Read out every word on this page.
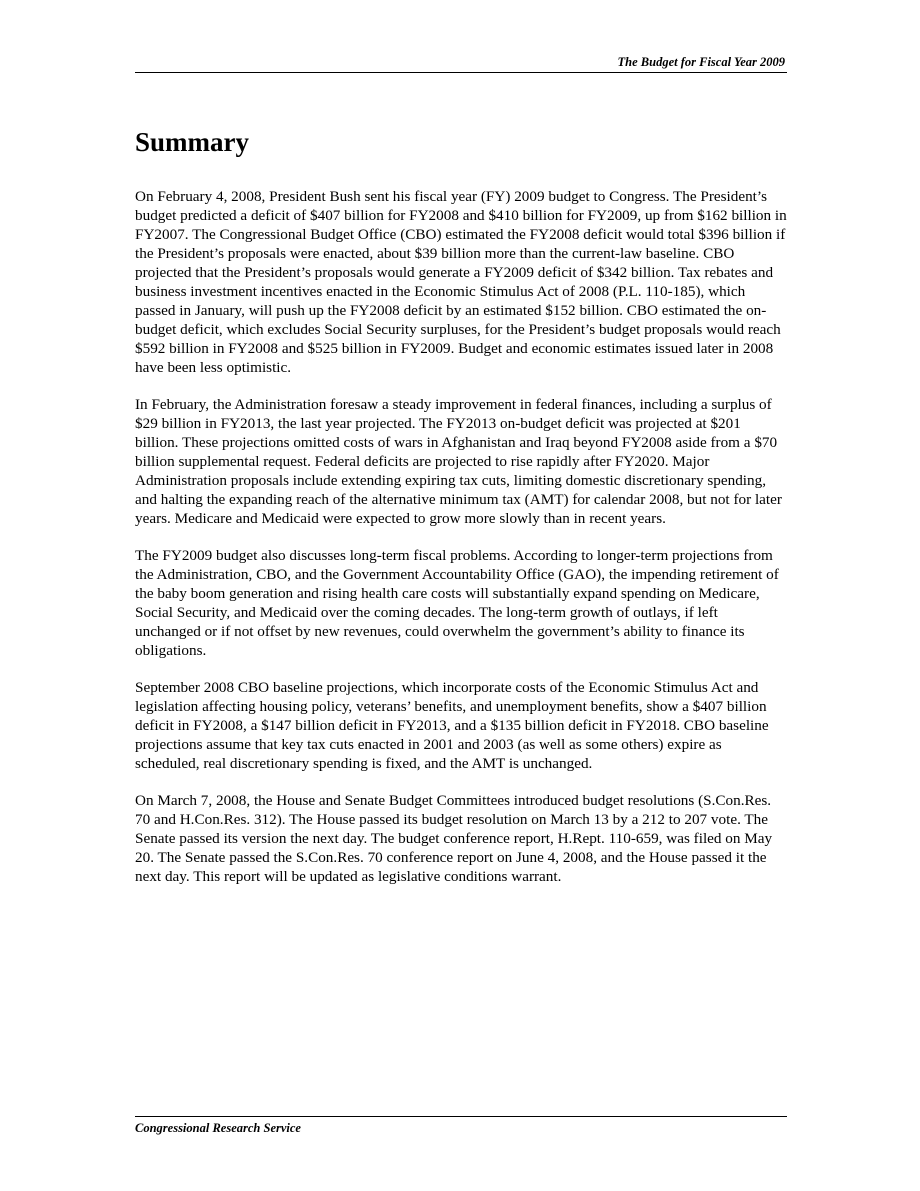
The Budget for Fiscal Year 2009
Summary

On February 4, 2008, President Bush sent his fiscal year (FY) 2009 budget to Congress. The President’s budget predicted a deficit of $407 billion for FY2008 and $410 billion for FY2009, up from $162 billion in FY2007. The Congressional Budget Office (CBO) estimated the FY2008 deficit would total $396 billion if the President’s proposals were enacted, about $39 billion more than the current-law baseline. CBO projected that the President’s proposals would generate a FY2009 deficit of $342 billion. Tax rebates and business investment incentives enacted in the Economic Stimulus Act of 2008 (P.L. 110-185), which passed in January, will push up the FY2008 deficit by an estimated $152 billion. CBO estimated the on-budget deficit, which excludes Social Security surpluses, for the President’s budget proposals would reach $592 billion in FY2008 and $525 billion in FY2009. Budget and economic estimates issued later in 2008 have been less optimistic.

In February, the Administration foresaw a steady improvement in federal finances, including a surplus of $29 billion in FY2013, the last year projected. The FY2013 on-budget deficit was projected at $201 billion. These projections omitted costs of wars in Afghanistan and Iraq beyond FY2008 aside from a $70 billion supplemental request. Federal deficits are projected to rise rapidly after FY2020. Major Administration proposals include extending expiring tax cuts, limiting domestic discretionary spending, and halting the expanding reach of the alternative minimum tax (AMT) for calendar 2008, but not for later years. Medicare and Medicaid were expected to grow more slowly than in recent years.

The FY2009 budget also discusses long-term fiscal problems. According to longer-term projections from the Administration, CBO, and the Government Accountability Office (GAO), the impending retirement of the baby boom generation and rising health care costs will substantially expand spending on Medicare, Social Security, and Medicaid over the coming decades. The long-term growth of outlays, if left unchanged or if not offset by new revenues, could overwhelm the government’s ability to finance its obligations.

September 2008 CBO baseline projections, which incorporate costs of the Economic Stimulus Act and legislation affecting housing policy, veterans’ benefits, and unemployment benefits, show a $407 billion deficit in FY2008, a $147 billion deficit in FY2013, and a $135 billion deficit in FY2018. CBO baseline projections assume that key tax cuts enacted in 2001 and 2003 (as well as some others) expire as scheduled, real discretionary spending is fixed, and the AMT is unchanged.

On March 7, 2008, the House and Senate Budget Committees introduced budget resolutions (S.Con.Res. 70 and H.Con.Res. 312). The House passed its budget resolution on March 13 by a 212 to 207 vote. The Senate passed its version the next day. The budget conference report, H.Rept. 110-659, was filed on May 20. The Senate passed the S.Con.Res. 70 conference report on June 4, 2008, and the House passed it the next day. This report will be updated as legislative conditions warrant.

Congressional Research Service
